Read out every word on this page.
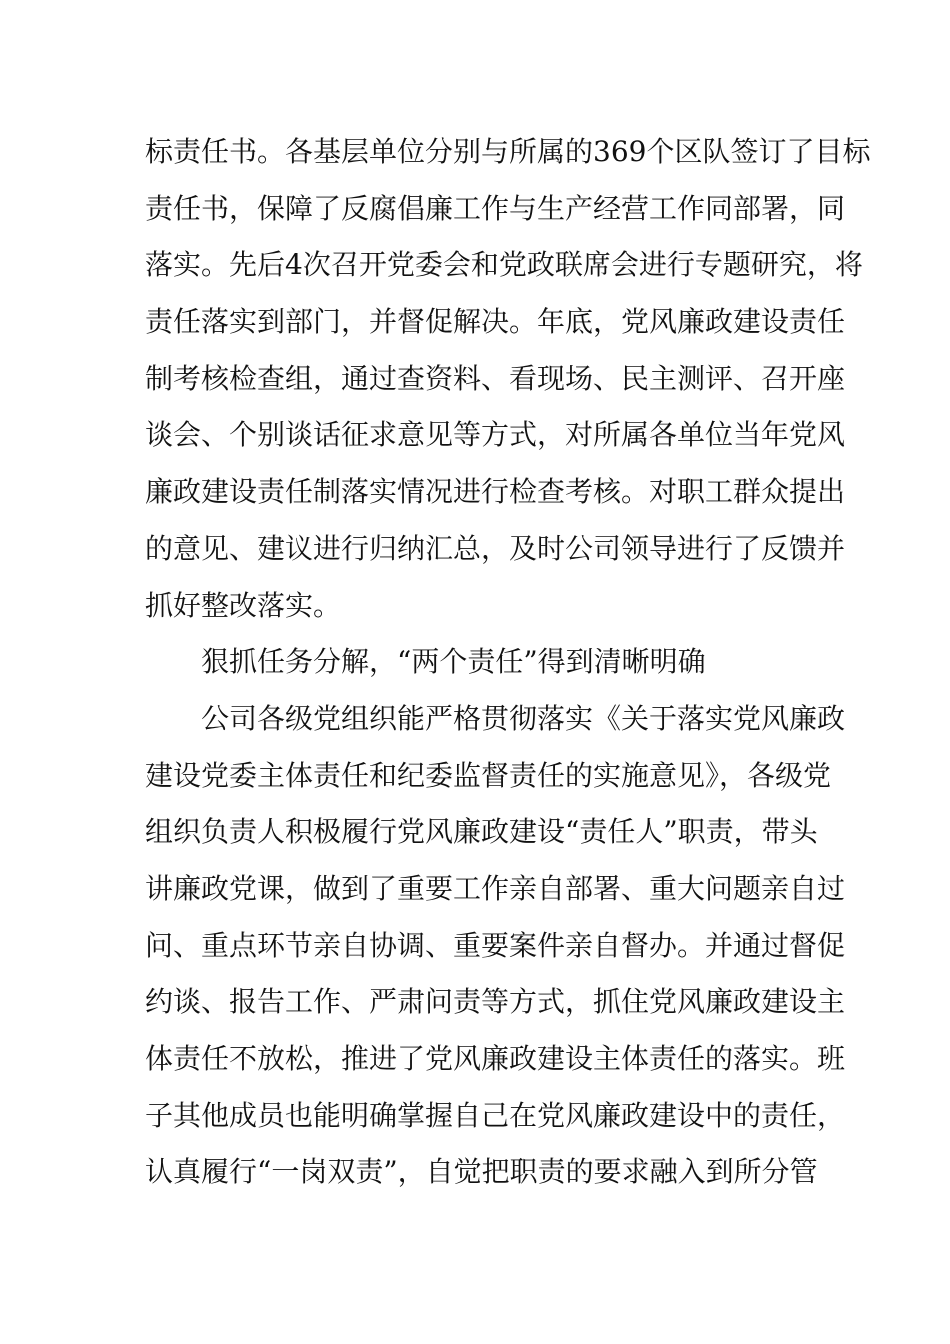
标责任书。各基层单位分别与所属的369个区队签订了目标
责任书，保障了反腐倡廉工作与生产经营工作同部署，同
落实。先后4次召开党委会和党政联席会进行专题研究，将
责任落实到部门，并督促解决。年底，党风廉政建设责任
制考核检查组，通过查资料、看现场、民主测评、召开座
谈会、个别谈话征求意见等方式，对所属各单位当年党风
廉政建设责任制落实情况进行检查考核。对职工群众提出
的意见、建议进行归纳汇总，及时公司领导进行了反馈并
抓好整改落实。
狠抓任务分解，“两个责任”得到清晰明确
公司各级党组织能严格贯彻落实《关于落实党风廉政
建设党委主体责任和纪委监督责任的实施意见》，各级党
组织负责人积极履行党风廉政建设“责任人”职责，带头
讲廉政党课，做到了重要工作亲自部署、重大问题亲自过
问、重点环节亲自协调、重要案件亲自督办。并通过督促
约谈、报告工作、严肃问责等方式，抓住党风廉政建设主
体责任不放松，推进了党风廉政建设主体责任的落实。班
子其他成员也能明确掌握自己在党风廉政建设中的责任，
认真履行“一岗双责”，自觉把职责的要求融入到所分管
